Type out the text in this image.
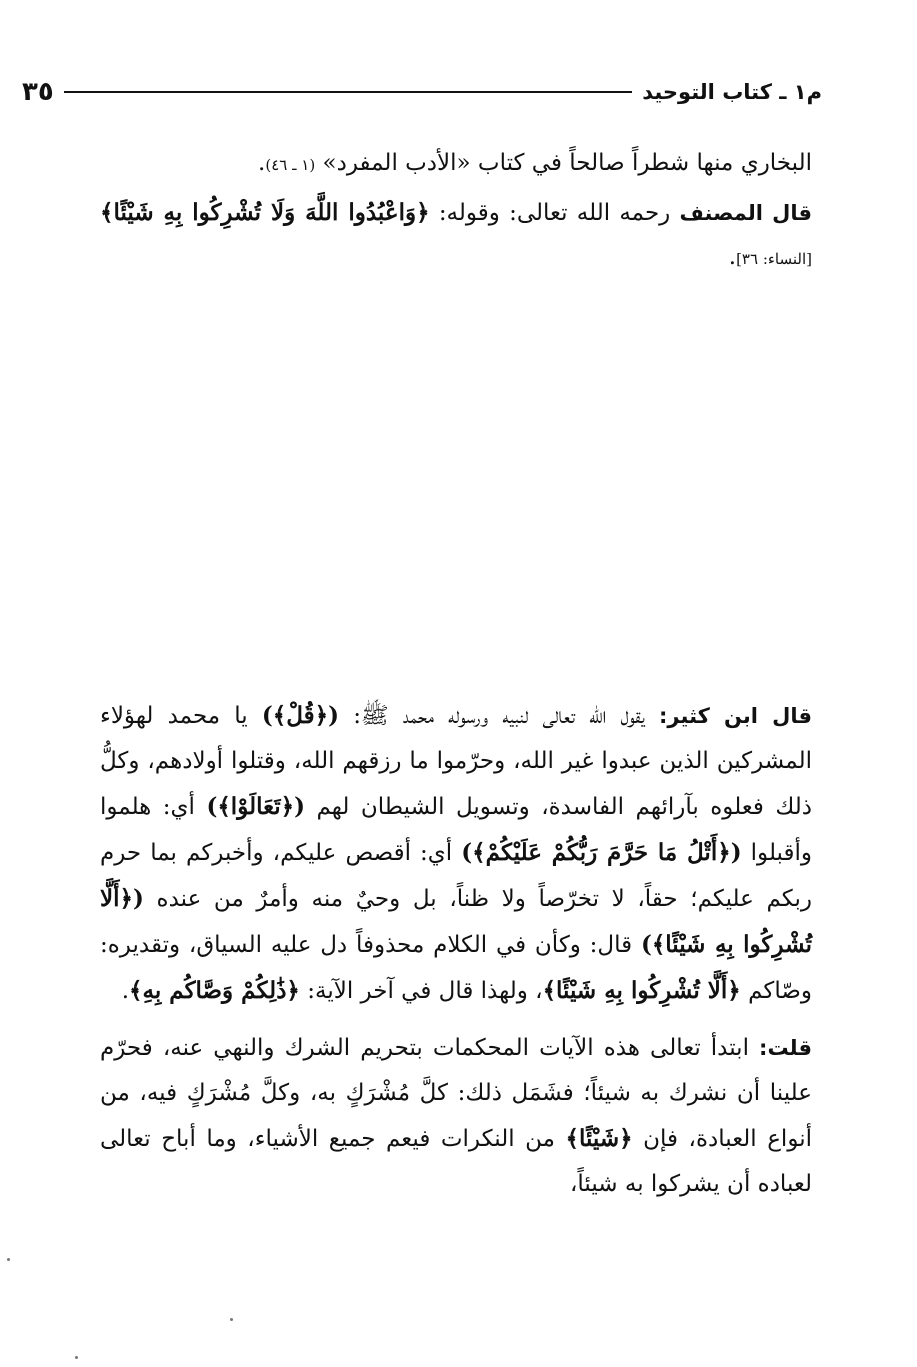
م١ ـ كتاب التوحيد
٣٥

البخاري منها شطراً صالحاً في كتاب «الأدب المفرد» (١ ـ ٤٦).

قال المصنف رحمه الله تعالى: وقوله: ﴿وَاعْبُدُوا اللَّهَ وَلَا تُشْرِكُوا بِهِ شَيْئًا﴾ [النساء: ٣٦].

قال ابن كثير: يقول الله تعالى لنبيه ورسوله محمد ﷺ: (﴿قُلْ﴾) يا محمد لهؤلاء المشركين الذين عبدوا غير الله، وحرّموا ما رزقهم الله، وقتلوا أولادهم، وكلُّ ذلك فعلوه بآرائهم الفاسدة، وتسويل الشيطان لهم (﴿تَعَالَوْا﴾) أي: هلموا وأقبلوا (﴿أَتْلُ مَا حَرَّمَ رَبُّكُمْ عَلَيْكُمْ﴾) أي: أقصص عليكم، وأخبركم بما حرم ربكم عليكم؛ حقاً، لا تخرّصاً ولا ظناً، بل وحيٌ منه وأمرٌ من عنده (﴿أَلَّا تُشْرِكُوا بِهِ شَيْئًا﴾) قال: وكأن في الكلام محذوفاً دل عليه السياق، وتقديره: وصّاكم ﴿أَلَّا تُشْرِكُوا بِهِ شَيْئًا﴾، ولهذا قال في آخر الآية: ﴿ذَٰلِكُمْ وَصَّاكُم بِهِ﴾.

قلت: ابتدأ تعالى هذه الآيات المحكمات بتحريم الشرك والنهي عنه، فحرّم علينا أن نشرك به شيئاً؛ فشَمَل ذلك: كلَّ مُشْرَكٍ به، وكلَّ مُشْرَكٍ فيه، من أنواع العبادة، فإن ﴿شَيْئًا﴾ من النكرات فيعم جميع الأشياء، وما أباح تعالى لعباده أن يشركوا به شيئاً،
